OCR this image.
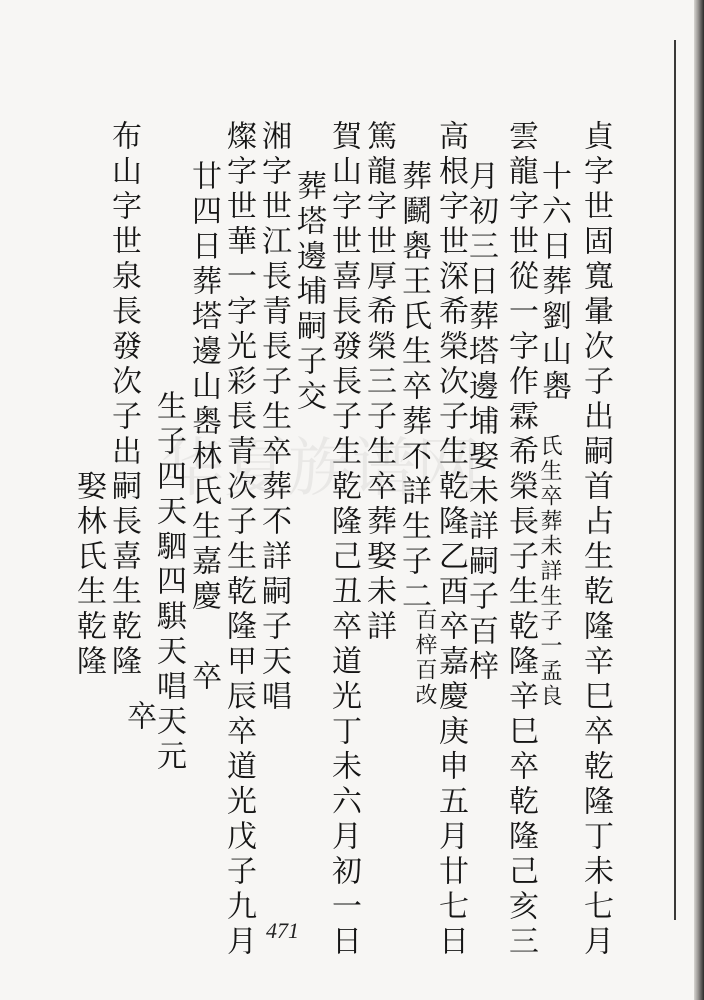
华夏族谱网	貞字世固寬暈次子出嗣首占生乾隆辛巳卒乾隆丁未七月
十六日葬劉山嶴
氏生卒葬未詳生子一孟良
雲龍字世從一字作霖希榮長子生乾隆辛巳卒乾隆己亥三
月初三日葬塔邊埔娶未詳嗣子百梓
高根字世深希榮次子生乾隆乙酉卒嘉慶庚申五月廿七日
葬鬬嶴王氏生卒葬不詳生子二
百梓百改
篤龍字世厚希榮三子生卒葬娶未詳
賀山字世喜長發長子生乾隆己丑卒道光丁未六月初一日
葬塔邊埔嗣子交
湘字世江長青長子生卒葬不詳嗣子天唱
燦字世華一字光彩長青次子生乾隆甲辰卒道光戊子九月
廿四日葬塔邊山嶴林氏生嘉慶
卒
生子四天駟四騏天唱天元
布山字世泉長發次子出嗣長喜生乾隆
卒
娶林氏生乾隆
471
